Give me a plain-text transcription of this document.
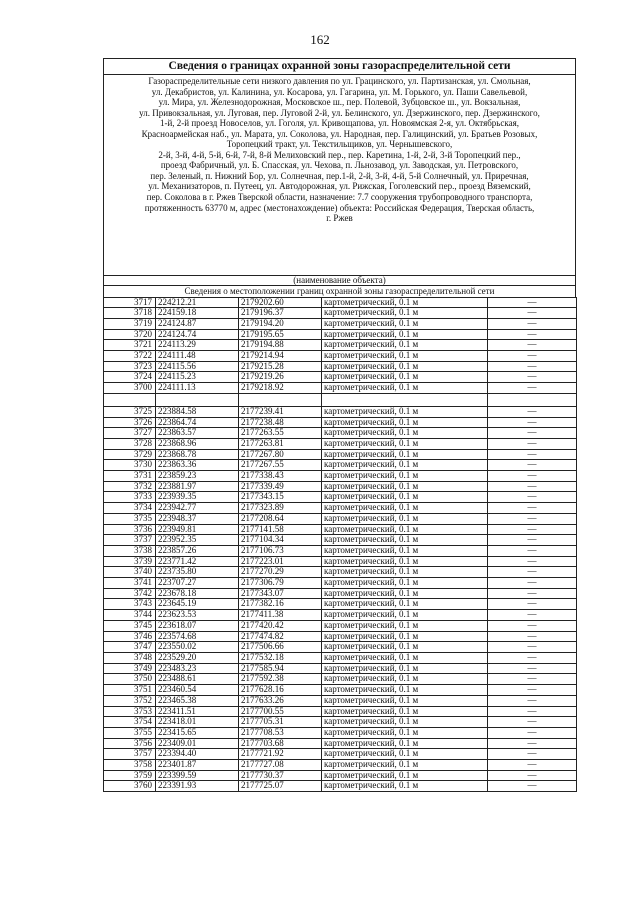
162
Сведения о границах охранной зоны газораспределительной сети
Газораспределительные сети низкого давления по ул. Грацинского, ул. Партизанская, ул. Смольная,
ул. Декабристов, ул. Калинина, ул. Косарова, ул. Гагарина, ул. М. Горького, ул. Паши Савельевой,
ул. Мира, ул. Железнодорожная, Московское ш., пер. Полевой, Зубцовское ш., ул. Вокзальная,
ул. Привокзальная, ул. Луговая, пер. Луговой 2-й, ул. Белинского, ул. Дзержинского, пер. Дзержинского,
1-й, 2-й проезд Новоселов, ул. Гоголя, ул. Кривощапова, ул. Новоямская 2-я, ул. Октябрьская,
Красноармейская наб., ул. Марата, ул. Соколова, ул. Народная, пер. Галицинский, ул. Братьев Розовых,
Торопецкий тракт, ул. Текстильщиков, ул. Чернышевского,
2-й, 3-й, 4-й, 5-й, 6-й, 7-й, 8-й Мелиховский пер., пер. Каретина, 1-й, 2-й, 3-й Торопецкий пер.,
проезд Фабричный, ул. Б. Спасская, ул. Чехова, п. Льнозавод, ул. Заводская, ул. Петровского,
пер. Зеленый, п. Нижний Бор, ул. Солнечная, пер.1-й, 2-й, 3-й, 4-й, 5-й Солнечный, ул. Приречная,
ул. Механизаторов, п. Путеец, ул. Автодорожная, ул. Рижская, Гоголевский пер., проезд Вяземский,
пер. Соколова в г. Ржев Тверской области, назначение: 7.7 сооружения трубопроводного транспорта,
протяженность 63770 м, адрес (местонахождение) объекта: Российская Федерация, Тверская область,
г. Ржев
(наименование объекта)
Сведения о местоположении границ охранной зоны газораспределительной сети
3717	224212.21	2179202.60	картометрический, 0.1 м	—
3718	224159.18	2179196.37	картометрический, 0.1 м	—
3719	224124.87	2179194.20	картометрический, 0.1 м	—
3720	224124.74	2179195.65	картометрический, 0.1 м	—
3721	224113.29	2179194.88	картометрический, 0.1 м	—
3722	224111.48	2179214.94	картометрический, 0.1 м	—
3723	224115.56	2179215.28	картометрический, 0.1 м	—
3724	224115.23	2179219.26	картометрический, 0.1 м	—
3700	224111.13	2179218.92	картометрический, 0.1 м	—

3725	223884.58	2177239.41	картометрический, 0.1 м	—
3726	223864.74	2177238.48	картометрический, 0.1 м	—
3727	223863.57	2177263.55	картометрический, 0.1 м	—
3728	223868.96	2177263.81	картометрический, 0.1 м	—
3729	223868.78	2177267.80	картометрический, 0.1 м	—
3730	223863.36	2177267.55	картометрический, 0.1 м	—
3731	223859.23	2177338.43	картометрический, 0.1 м	—
3732	223881.97	2177339.49	картометрический, 0.1 м	—
3733	223939.35	2177343.15	картометрический, 0.1 м	—
3734	223942.77	2177323.89	картометрический, 0.1 м	—
3735	223948.37	2177208.64	картометрический, 0.1 м	—
3736	223949.81	2177141.58	картометрический, 0.1 м	—
3737	223952.35	2177104.34	картометрический, 0.1 м	—
3738	223857.26	2177106.73	картометрический, 0.1 м	—
3739	223771.42	2177223.01	картометрический, 0.1 м	—
3740	223735.80	2177270.29	картометрический, 0.1 м	—
3741	223707.27	2177306.79	картометрический, 0.1 м	—
3742	223678.18	2177343.07	картометрический, 0.1 м	—
3743	223645.19	2177382.16	картометрический, 0.1 м	—
3744	223623.53	2177411.38	картометрический, 0.1 м	—
3745	223618.07	2177420.42	картометрический, 0.1 м	—
3746	223574.68	2177474.82	картометрический, 0.1 м	—
3747	223550.02	2177506.66	картометрический, 0.1 м	—
3748	223529.20	2177532.18	картометрический, 0.1 м	—
3749	223483.23	2177585.94	картометрический, 0.1 м	—
3750	223488.61	2177592.38	картометрический, 0.1 м	—
3751	223460.54	2177628.16	картометрический, 0.1 м	—
3752	223465.38	2177633.26	картометрический, 0.1 м	—
3753	223411.51	2177700.55	картометрический, 0.1 м	—
3754	223418.01	2177705.31	картометрический, 0.1 м	—
3755	223415.65	2177708.53	картометрический, 0.1 м	—
3756	223409.01	2177703.68	картометрический, 0.1 м	—
3757	223394.40	2177721.92	картометрический, 0.1 м	—
3758	223401.87	2177727.08	картометрический, 0.1 м	—
3759	223399.59	2177730.37	картометрический, 0.1 м	—
3760	223391.93	2177725.07	картометрический, 0.1 м	—
